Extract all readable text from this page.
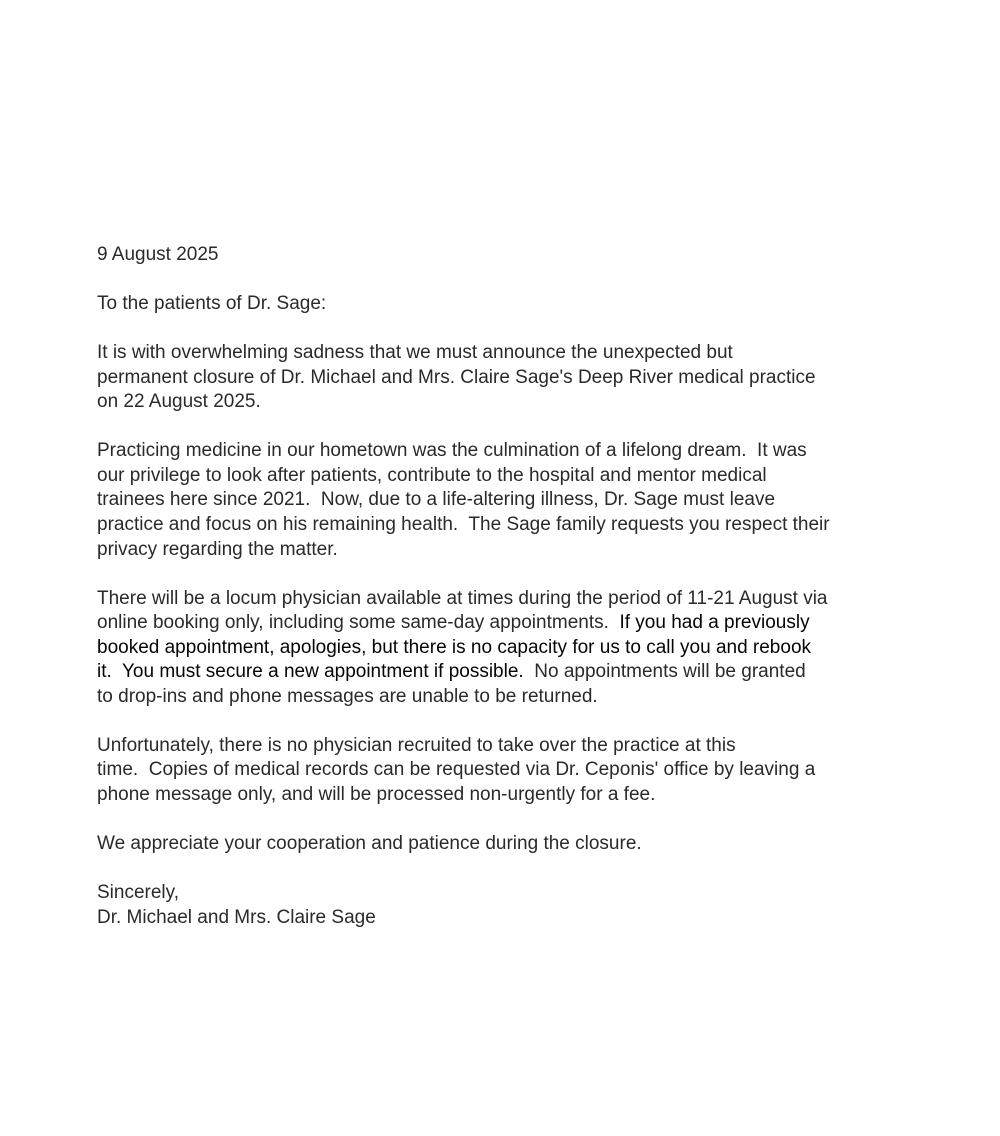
9 August 2025

To the patients of Dr. Sage:

It is with overwhelming sadness that we must announce the unexpected but
permanent closure of Dr. Michael and Mrs. Claire Sage's Deep River medical practice
on 22 August 2025.

Practicing medicine in our hometown was the culmination of a lifelong dream.  It was
our privilege to look after patients, contribute to the hospital and mentor medical
trainees here since 2021.  Now, due to a life-altering illness, Dr. Sage must leave
practice and focus on his remaining health.  The Sage family requests you respect their
privacy regarding the matter.

There will be a locum physician available at times during the period of 11-21 August via
online booking only, including some same-day appointments.  If you had a previously
booked appointment, apologies, but there is no capacity for us to call you and rebook
it.  You must secure a new appointment if possible.  No appointments will be granted
to drop-ins and phone messages are unable to be returned.

Unfortunately, there is no physician recruited to take over the practice at this
time.  Copies of medical records can be requested via Dr. Ceponis' office by leaving a
phone message only, and will be processed non-urgently for a fee.

We appreciate your cooperation and patience during the closure.

Sincerely,

Dr. Michael and Mrs. Claire Sage
